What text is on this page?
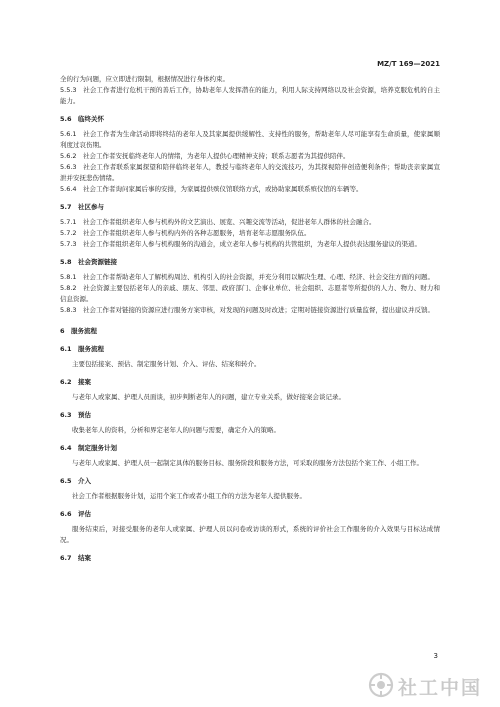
MZ/T 169—2021

全的行为问题，应立即进行限制，根据情况进行身体约束。

5.5.3　社会工作者进行危机干预的善后工作，协助老年人发挥潜在的能力，利用人际支持网络以及社会资源，培养克服危机的自主能力。

5.6　临终关怀

5.6.1　社会工作者为生命活动即将终结的老年人及其家属提供缓解性、支持性的服务，帮助老年人尽可能享有生命质量，使家属顺利度过哀伤期。

5.6.2　社会工作者安抚临终老年人的情绪，为老年人提供心理精神支持；联系志愿者为其提供陪伴。

5.6.3　社会工作者联系家属探望和陪伴临终老年人，教授与临终老年人的交流技巧，为其探视陪伴创造便利条件；帮助丧亲家属宣泄并安抚悲伤情绪。

5.6.4　社会工作者询问家属后事的安排，为家属提供殡仪馆联络方式，或协助家属联系殡仪馆的车辆等。

5.7　社区参与

5.7.1　社会工作者组织老年人参与机构外的文艺演出、展览、兴趣交流等活动，促进老年人群体的社会融合。

5.7.2　社会工作者组织老年人参与机构内外的各种志愿服务，培育老年志愿服务队伍。

5.7.3　社会工作者组织老年人参与机构服务的沟通会，成立老年人参与机构的共管组织，为老年人提供表达服务建议的渠道。

5.8　社会资源链接

5.8.1　社会工作者帮助老年人了解机构周边、机构引入的社会资源，并充分利用以解决生理、心理、经济、社会交往方面的问题。

5.8.2　社会资源主要包括老年人的亲戚、朋友、邻里、政府部门、企事业单位、社会组织、志愿者等所提供的人力、物力、财力和信息资源。

5.8.3　社会工作者对链接的资源应进行服务方案审核，对发现的问题及时改进；定期对链接资源进行质量监督，提出建议并反馈。

6　服务流程

6.1　服务流程

主要包括接案、预估、制定服务计划、介入、评估、结案和转介。

6.2　接案

与老年人或家属、护理人员面谈，初步判断老年人的问题，建立专业关系，做好接案会谈记录。

6.3　预估

收集老年人的资料，分析和界定老年人的问题与需要，确定介入的策略。

6.4　制定服务计划

与老年人或家属、护理人员一起制定具体的服务目标、服务阶段和服务方法，可采取的服务方法包括个案工作、小组工作。

6.5　介入

社会工作者根据服务计划，运用个案工作或者小组工作的方法为老年人提供服务。

6.6　评估

服务结束后，对接受服务的老年人或家属、护理人员以问卷或访谈的形式，系统的评价社会工作服务的介入效果与目标达成情况。

6.7　结案

3
社工中国
